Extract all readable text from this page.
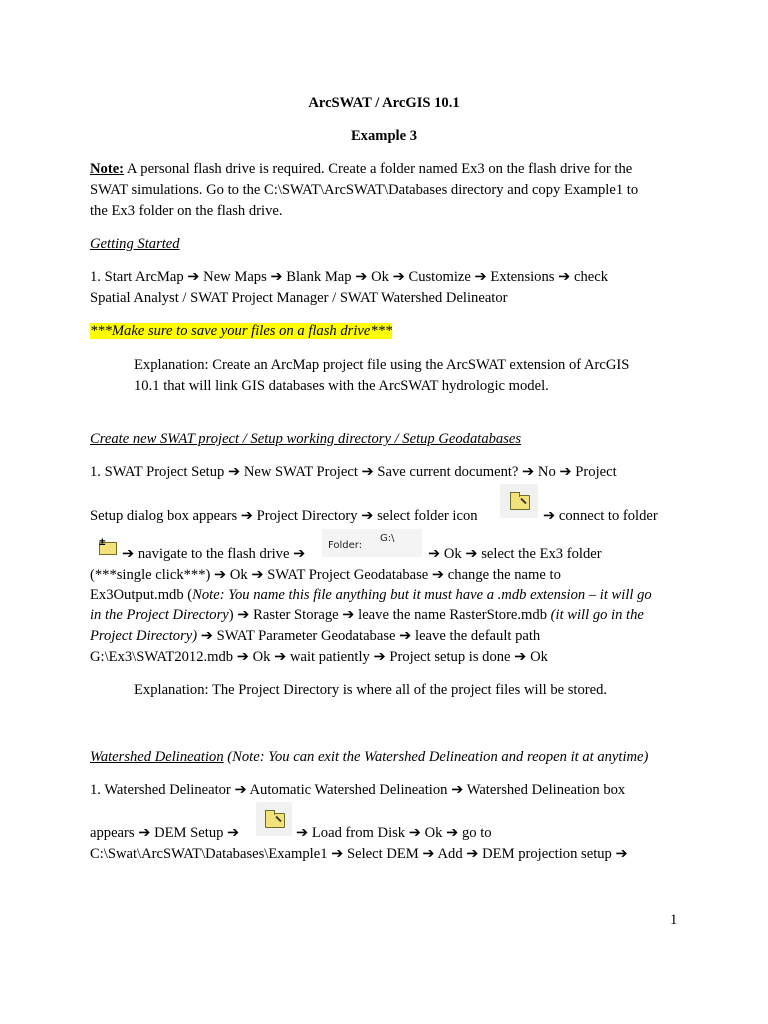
ArcSWAT / ArcGIS 10.1
Example 3
Note: A personal flash drive is required. Create a folder named Ex3 on the flash drive for the
SWAT simulations. Go to the C:\SWAT\ArcSWAT\Databases directory and copy Example1 to
the Ex3 folder on the flash drive.
Getting Started
1. Start ArcMap ➔ New Maps ➔ Blank Map ➔ Ok ➔ Customize ➔ Extensions ➔ check
Spatial Analyst / SWAT Project Manager / SWAT Watershed Delineator
***Make sure to save your files on a flash drive***
Explanation: Create an ArcMap project file using the ArcSWAT extension of ArcGIS
10.1 that will link GIS databases with the ArcSWAT hydrologic model.
Create new SWAT project / Setup working directory / Setup Geodatabases
1. SWAT Project Setup ➔ New SWAT Project ➔ Save current document? ➔ No ➔ Project
Setup dialog box appears ➔ Project Directory ➔ select folder icon	➔ connect to folder
±
➔ navigate to the flash drive ➔
Folder:
G:\
➔ Ok ➔ select the Ex3 folder
(***single click***) ➔ Ok ➔ SWAT Project Geodatabase ➔ change the name to
Ex3Output.mdb (Note: You name this file anything but it must have a .mdb extension – it will go
in the Project Directory) ➔ Raster Storage ➔ leave the name RasterStore.mdb (it will go in the
Project Directory) ➔ SWAT Parameter Geodatabase ➔ leave the default path
G:\Ex3\SWAT2012.mdb ➔ Ok ➔ wait patiently ➔ Project setup is done ➔ Ok
Explanation: The Project Directory is where all of the project files will be stored.
Watershed Delineation (Note: You can exit the Watershed Delineation and reopen it at anytime)
1. Watershed Delineator ➔ Automatic Watershed Delineation ➔ Watershed Delineation box
appears ➔ DEM Setup ➔	➔ Load from Disk ➔ Ok ➔ go to
C:\Swat\ArcSWAT\Databases\Example1 ➔ Select DEM ➔ Add ➔ DEM projection setup ➔
1
